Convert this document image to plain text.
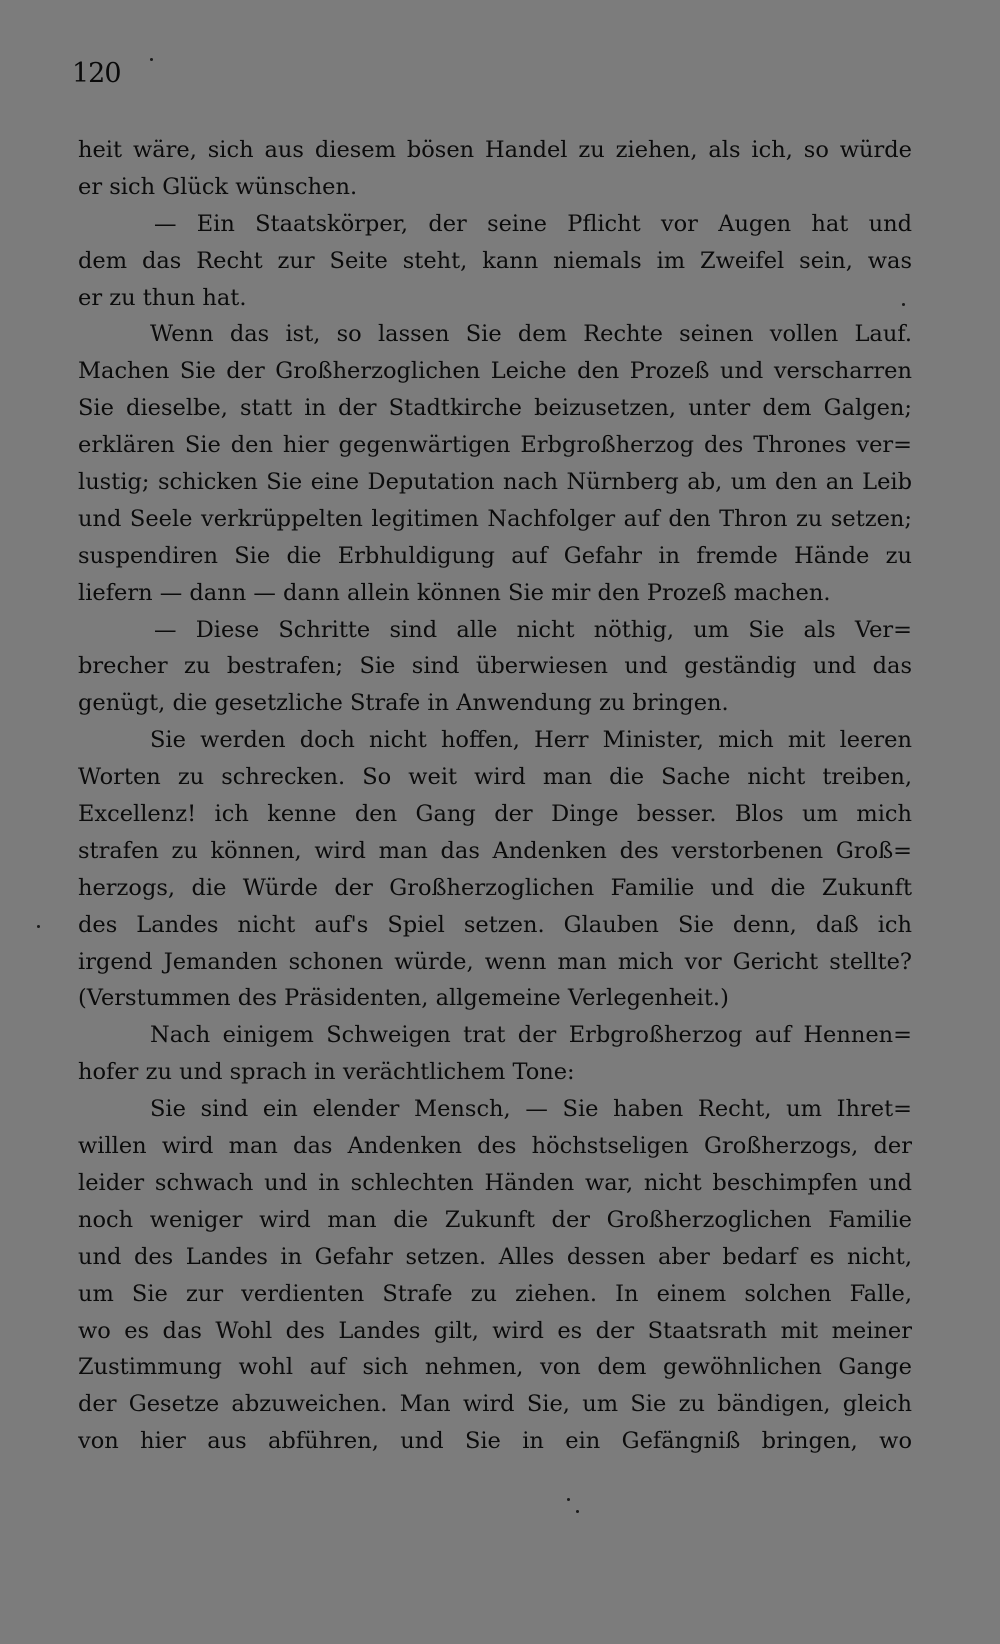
120
heit wäre, sich aus diesem bösen Handel zu ziehen, als ich, so würde
er sich Glück wünschen.
— Ein Staatskörper, der seine Pflicht vor Augen hat und
dem das Recht zur Seite steht, kann niemals im Zweifel sein, was
er zu thun hat.
Wenn das ist, so lassen Sie dem Rechte seinen vollen Lauf.
Machen Sie der Großherzoglichen Leiche den Prozeß und verscharren
Sie dieselbe, statt in der Stadtkirche beizusetzen, unter dem Galgen;
erklären Sie den hier gegenwärtigen Erbgroßherzog des Thrones ver=
lustig; schicken Sie eine Deputation nach Nürnberg ab, um den an Leib
und Seele verkrüppelten legitimen Nachfolger auf den Thron zu setzen;
suspendiren Sie die Erbhuldigung auf Gefahr in fremde Hände zu
liefern — dann — dann allein können Sie mir den Prozeß machen.
— Diese Schritte sind alle nicht nöthig, um Sie als Ver=
brecher zu bestrafen; Sie sind überwiesen und geständig und das
genügt, die gesetzliche Strafe in Anwendung zu bringen.
Sie werden doch nicht hoffen, Herr Minister, mich mit leeren
Worten zu schrecken. So weit wird man die Sache nicht treiben,
Excellenz! ich kenne den Gang der Dinge besser. Blos um mich
strafen zu können, wird man das Andenken des verstorbenen Groß=
herzogs, die Würde der Großherzoglichen Familie und die Zukunft
des Landes nicht auf's Spiel setzen. Glauben Sie denn, daß ich
irgend Jemanden schonen würde, wenn man mich vor Gericht stellte?
(Verstummen des Präsidenten, allgemeine Verlegenheit.)
Nach einigem Schweigen trat der Erbgroßherzog auf Hennen=
hofer zu und sprach in verächtlichem Tone:
Sie sind ein elender Mensch, — Sie haben Recht, um Ihret=
willen wird man das Andenken des höchstseligen Großherzogs, der
leider schwach und in schlechten Händen war, nicht beschimpfen und
noch weniger wird man die Zukunft der Großherzoglichen Familie
und des Landes in Gefahr setzen. Alles dessen aber bedarf es nicht,
um Sie zur verdienten Strafe zu ziehen. In einem solchen Falle,
wo es das Wohl des Landes gilt, wird es der Staatsrath mit meiner
Zustimmung wohl auf sich nehmen, von dem gewöhnlichen Gange
der Gesetze abzuweichen. Man wird Sie, um Sie zu bändigen, gleich
von hier aus abführen, und Sie in ein Gefängniß bringen, wo
